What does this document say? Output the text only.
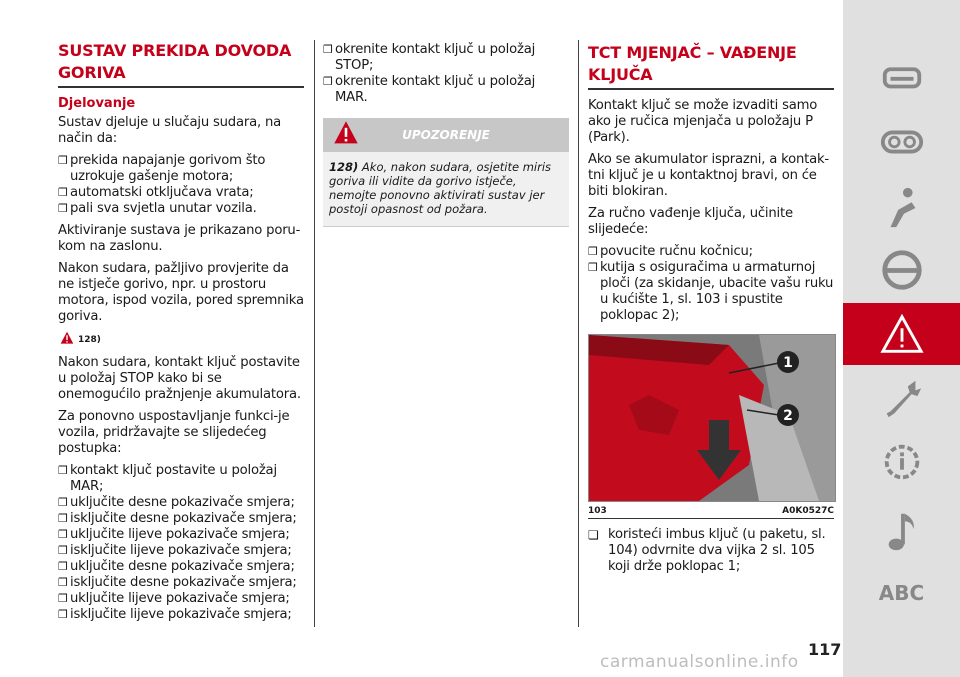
SUSTAV PREKIDA DOVODA GORIVA
Djelovanje

Sustav djeluje u slučaju sudara, na način da:

❒ prekida napajanje gorivom što uzrokuje gašenje motora;
❒ automatski otključava vrata;
❒ pali sva svjetla unutar vozila.

Aktiviranje sustava je prikazano poru-kom na zaslonu.

Nakon sudara, pažljivo provjerite da ne istječe gorivo, npr. u prostoru motora, ispod vozila, pored spremnika goriva.

128)

Nakon sudara, kontakt ključ postavite u položaj STOP kako bi se onemogućilo pražnjenje akumulatora.

Za ponovno uspostavljanje funkci-je vozila, pridržavajte se slijedećeg postupka:

❒ kontakt ključ postavite u položaj MAR;
❒ uključite desne pokazivače smjera;
❒ isključite desne pokazivače smjera;
❒ uključite lijeve pokazivače smjera;
❒ isključite lijeve pokazivače smjera;
❒ uključite desne pokazivače smjera;
❒ isključite desne pokazivače smjera;
❒ uključite lijeve pokazivače smjera;
❒ isključite lijeve pokazivače smjera;
❒ okrenite kontakt ključ u položaj STOP;
❒ okrenite kontakt ključ u položaj MAR.
UPOZORENJE
128) Ako, nakon sudara, osjetite miris goriva ili vidite da gorivo istječe, nemojte ponovno aktivirati sustav jer postoji opasnost od požara.
TCT MJENJAČ – VAĐENJE KLJUČA

Kontakt ključ se može izvaditi samo ako je ručica mjenjača u položaju P (Park).

Ako se akumulator isprazni, a kontak-tni ključ je u kontaktnoj bravi, on će biti blokiran.

Za ručno vađenje ključa, učinite slijedeće:

❒ povucite ručnu kočnicu;
❒ kutija s osiguračima u armaturnoj ploči (za skidanje, ubacite vašu ruku u kućište 1, sl. 103 i spustite poklopac 2);
1
2
103	A0K0527C
❏ koristeći imbus ključ (u paketu, sl. 104) odvrnite dva vijka 2 sl. 105 koji drže poklopac 1;
ABC
117
carmanualsonline.info
